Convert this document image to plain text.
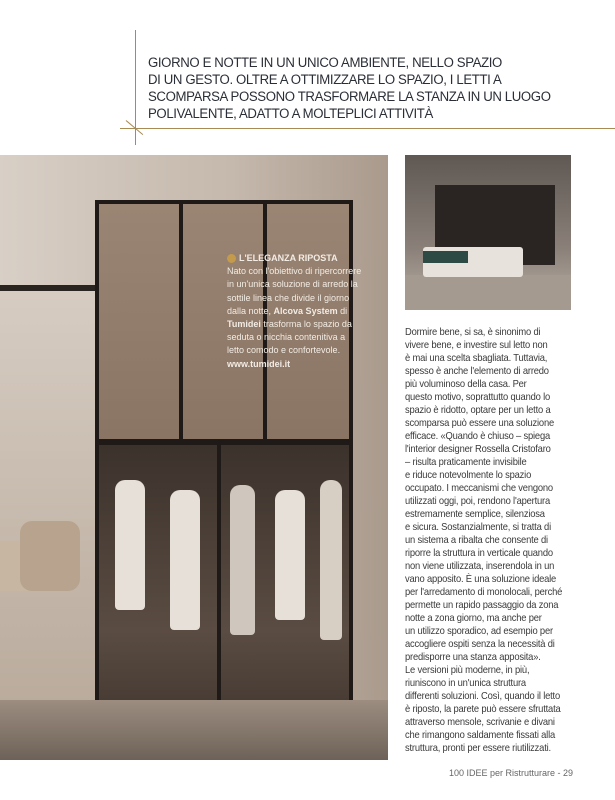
GIORNO E NOTTE IN UN UNICO AMBIENTE, NELLO SPAZIO
DI UN GESTO. OLTRE A OTTIMIZZARE LO SPAZIO, I LETTI A
SCOMPARSA POSSONO TRASFORMARE LA STANZA IN UN LUOGO
POLIVALENTE, ADATTO A MOLTEPLICI ATTIVITÀ
L'ELEGANZA RIPOSTA
Nato con l'obiettivo di ripercorrere in un'unica soluzione di arredo la sottile linea che divide il giorno dalla notte, Alcova System di Tumidei trasforma lo spazio da seduta o nicchia contenitiva a letto comodo e confortevole.
www.tumidei.it
Dormire bene, si sa, è sinonimo di
vivere bene, e investire sul letto non
è mai una scelta sbagliata. Tuttavia,
spesso è anche l'elemento di arredo
più voluminoso della casa. Per
questo motivo, soprattutto quando lo
spazio è ridotto, optare per un letto a
scomparsa può essere una soluzione
efficace. «Quando è chiuso – spiega
l'interior designer Rossella Cristofaro
– risulta praticamente invisibile
e riduce notevolmente lo spazio
occupato. I meccanismi che vengono
utilizzati oggi, poi, rendono l'apertura
estremamente semplice, silenziosa
e sicura. Sostanzialmente, si tratta di
un sistema a ribalta che consente di
riporre la struttura in verticale quando
non viene utilizzata, inserendola in un
vano apposito. È una soluzione ideale
per l'arredamento di monolocali, perché
permette un rapido passaggio da zona
notte a zona giorno, ma anche per
un utilizzo sporadico, ad esempio per
accogliere ospiti senza la necessità di
predisporre una stanza apposita».
Le versioni più moderne, in più,
riuniscono in un'unica struttura
differenti soluzioni. Così, quando il letto
è riposto, la parete può essere sfruttata
attraverso mensole, scrivanie e divani
che rimangono saldamente fissati alla
struttura, pronti per essere riutilizzati.
100 IDEE per Ristrutturare - 29
